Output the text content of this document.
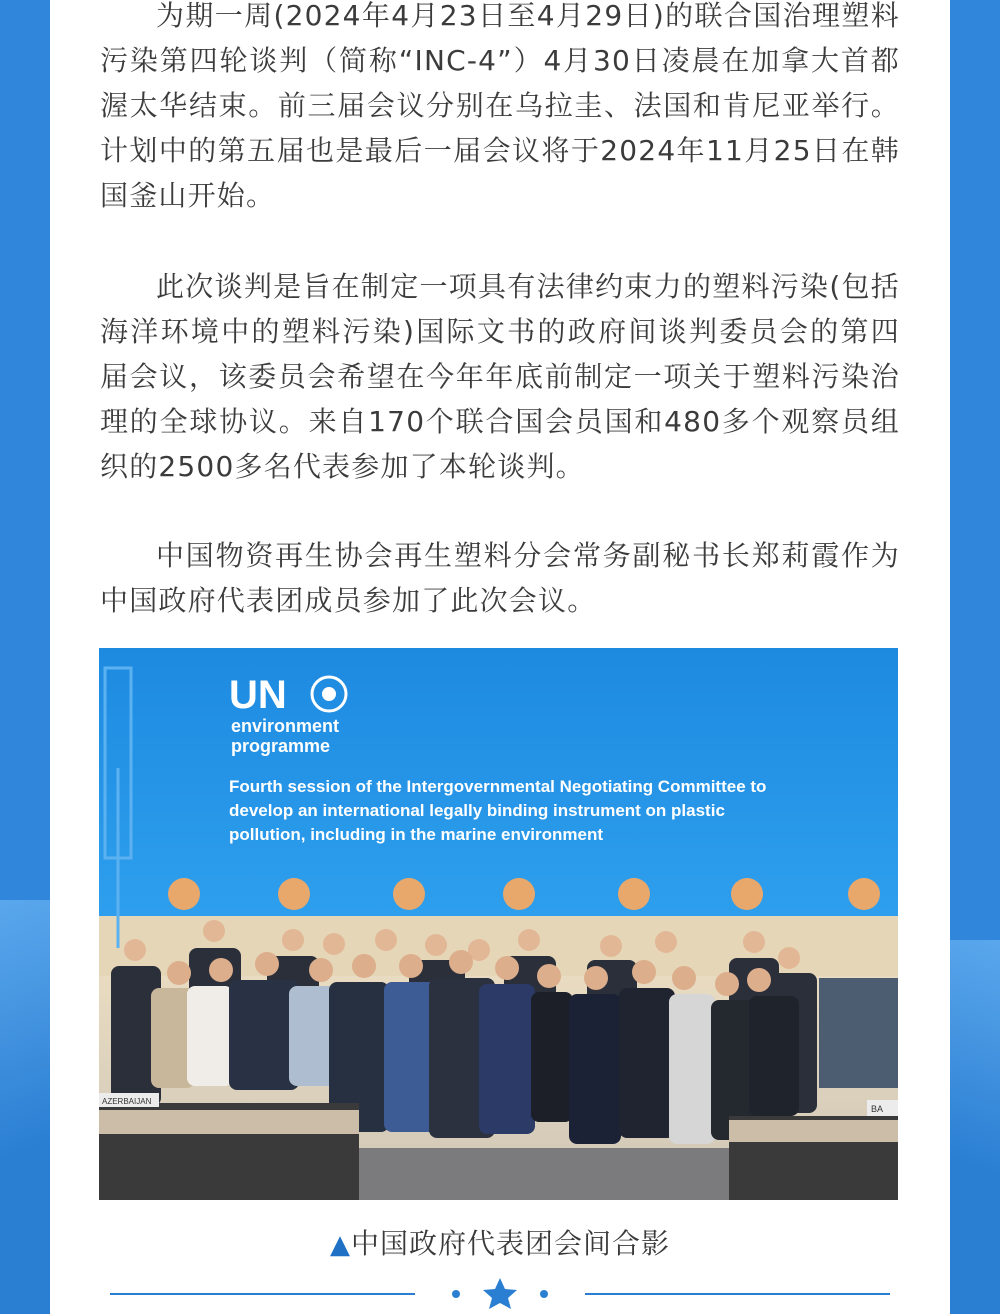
为期一周(2024年4月23日至4月29日)的联合国治理塑料污染第四轮谈判（简称“INC-4”）4月30日凌晨在加拿大首都渥太华结束。前三届会议分别在乌拉圭、法国和肯尼亚举行。计划中的第五届也是最后一届会议将于2024年11月25日在韩国釜山开始。

此次谈判是旨在制定一项具有法律约束力的塑料污染(包括海洋环境中的塑料污染)国际文书的政府间谈判委员会的第四届会议，该委员会希望在今年年底前制定一项关于塑料污染治理的全球协议。来自170个联合国会员国和480多个观察员组织的2500多名代表参加了本轮谈判。

中国物资再生协会再生塑料分会常务副秘书长郑莉霞作为中国政府代表团成员参加了此次会议。

UN
environment
programme
Fourth session of the Intergovernmental Negotiating Committee to
develop an international legally binding instrument on plastic
pollution, including in the marine environment
AZERBAIJAN
BA
▲中国政府代表团会间合影
